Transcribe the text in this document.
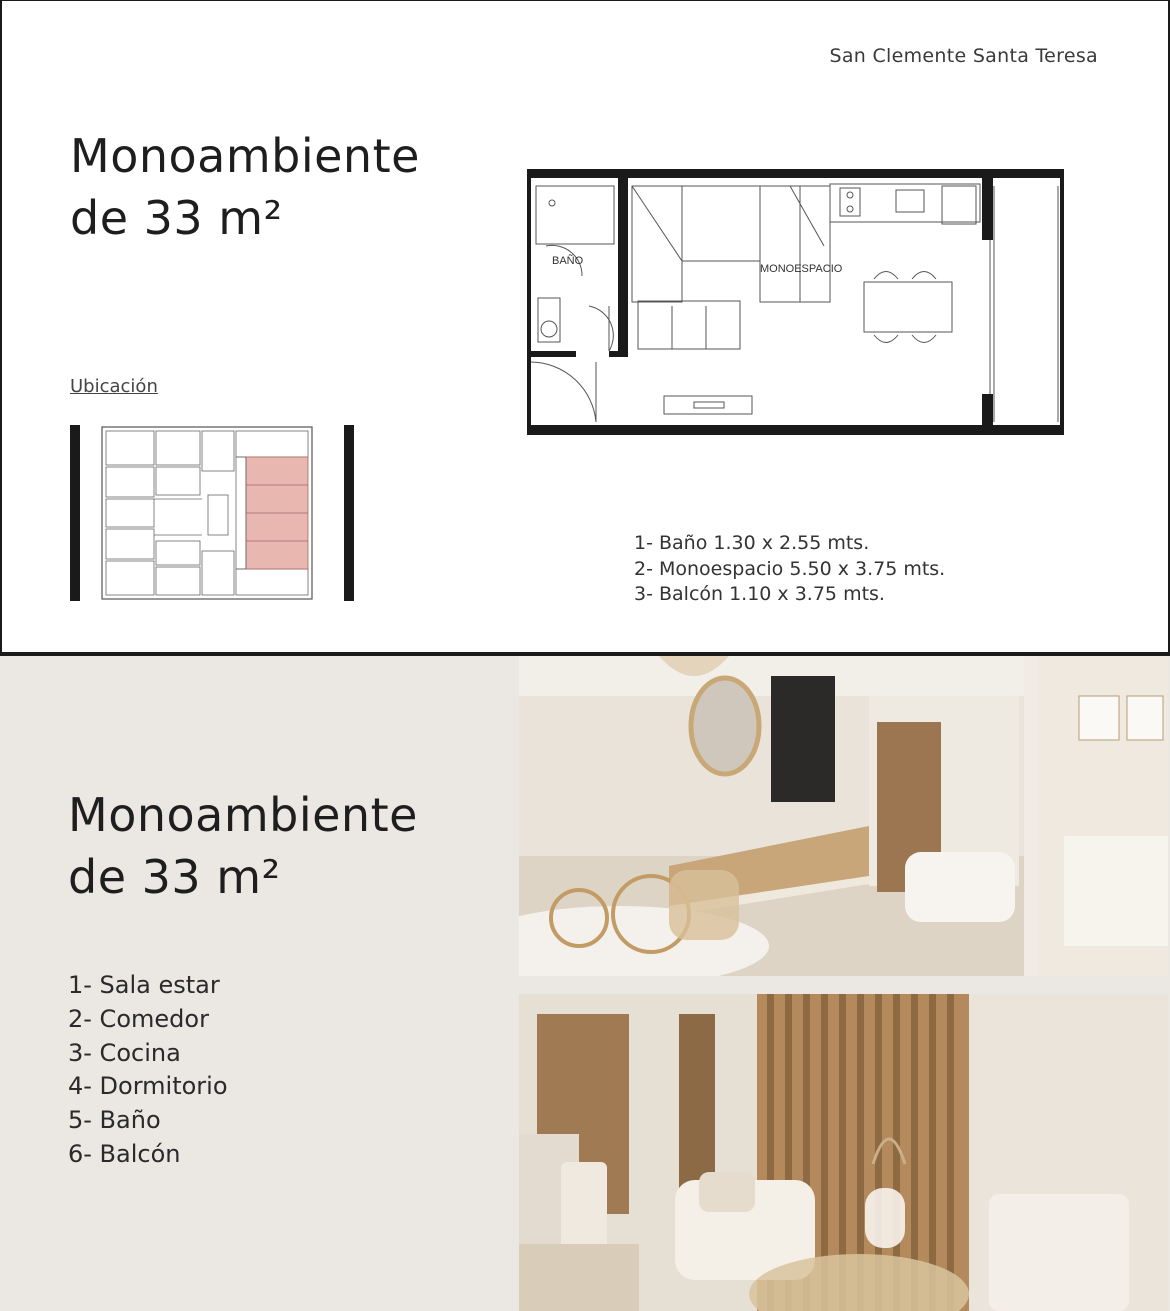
San Clemente Santa Teresa
Monoambiente
de 33 m²
Ubicación
BAÑO
MONOESPACIO
1- Baño 1.30 x 2.55 mts.
2- Monoespacio 5.50 x 3.75 mts.
3- Balcón 1.10 x 3.75 mts.
Monoambiente
de 33 m²
1- Sala estar
2- Comedor
3- Cocina
4- Dormitorio
5- Baño
6- Balcón
